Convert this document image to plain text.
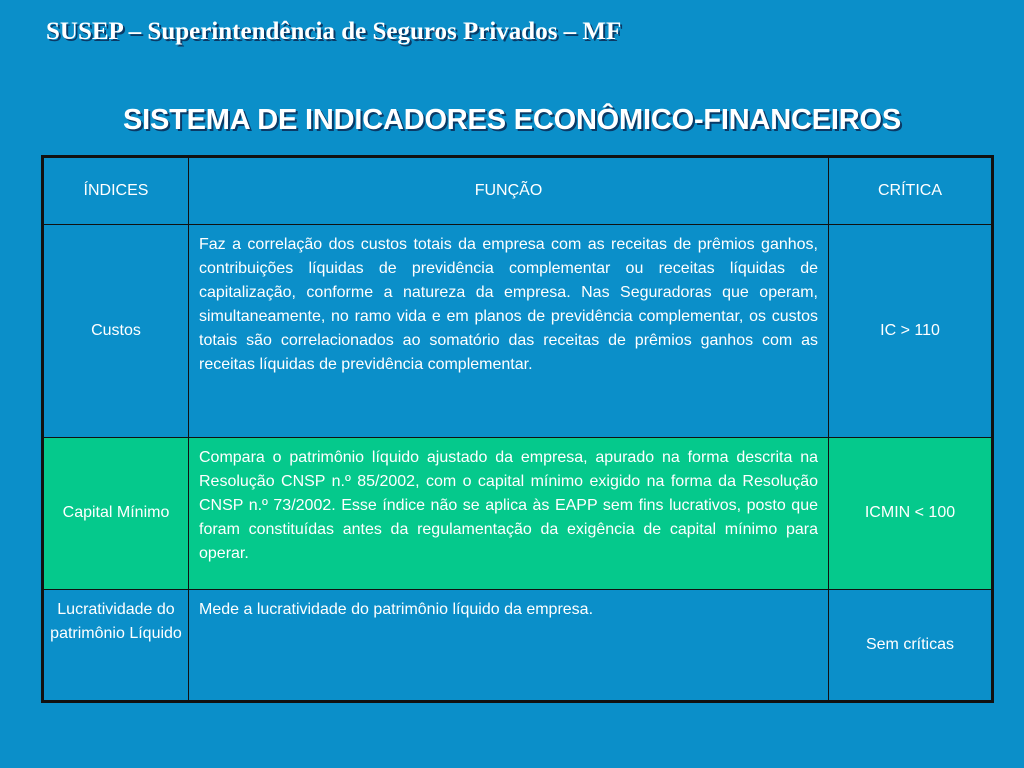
SUSEP – Superintendência de Seguros Privados – MF
SISTEMA DE INDICADORES ECONÔMICO-FINANCEIROS
ÍNDICES	FUNÇÃO	CRÍTICA
Custos	Faz a correlação dos custos totais da empresa com as receitas de prêmios ganhos, contribuições líquidas de previdência complementar ou receitas líquidas de capitalização, conforme a natureza da empresa. Nas Seguradoras que operam, simultaneamente, no ramo vida e em planos de previdência complementar, os custos totais são correlacionados ao somatório das receitas de prêmios ganhos com as receitas líquidas de previdência complementar.	IC > 110
Capital Mínimo	Compara o patrimônio líquido ajustado da empresa, apurado na forma descrita na Resolução CNSP n.º 85/2002, com o capital mínimo exigido na forma da Resolução CNSP n.º 73/2002. Esse índice não se aplica às EAPP sem fins lucrativos, posto que foram constituídas antes da regulamentação da exigência de capital mínimo para operar.	ICMIN < 100
Lucratividade do patrimônio Líquido	Mede a lucratividade do patrimônio líquido da empresa.	Sem críticas
